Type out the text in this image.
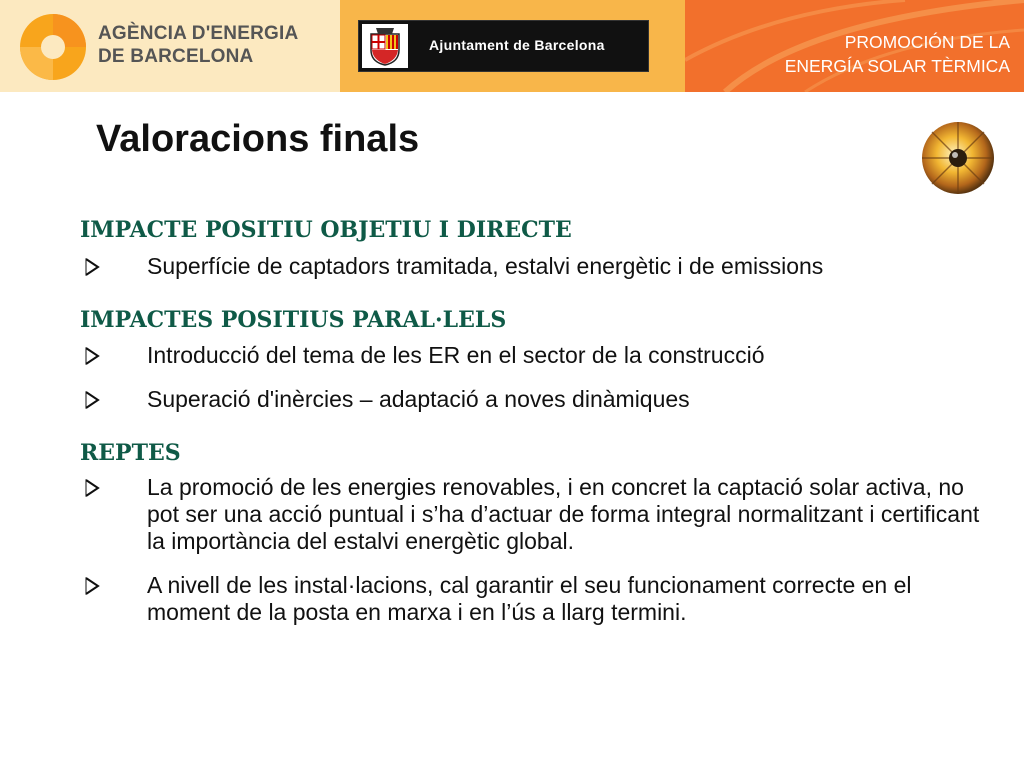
AGÈNCIA D'ENERGIA
DE BARCELONA
Ajuntament de Barcelona	PROMOCIÓN DE LA
ENERGÍA SOLAR TÈRMICA
Valoracions finals
IMPACTE POSITIU OBJETIU I DIRECTE
Superfície de captadors tramitada, estalvi energètic i de emissions
IMPACTES POSITIUS PARAL·LELS
Introducció del tema de les ER en el sector de la construcció
Superació d'inèrcies – adaptació a noves dinàmiques
REPTES
La promoció de les energies renovables, i en concret la captació solar activa, no pot ser una acció puntual i s’ha d’actuar de forma integral normalitzant i certificant la importància del estalvi energètic global.
A nivell de les instal·lacions, cal garantir el seu funcionament correcte en el moment de la posta en marxa i en l’ús a llarg termini.
